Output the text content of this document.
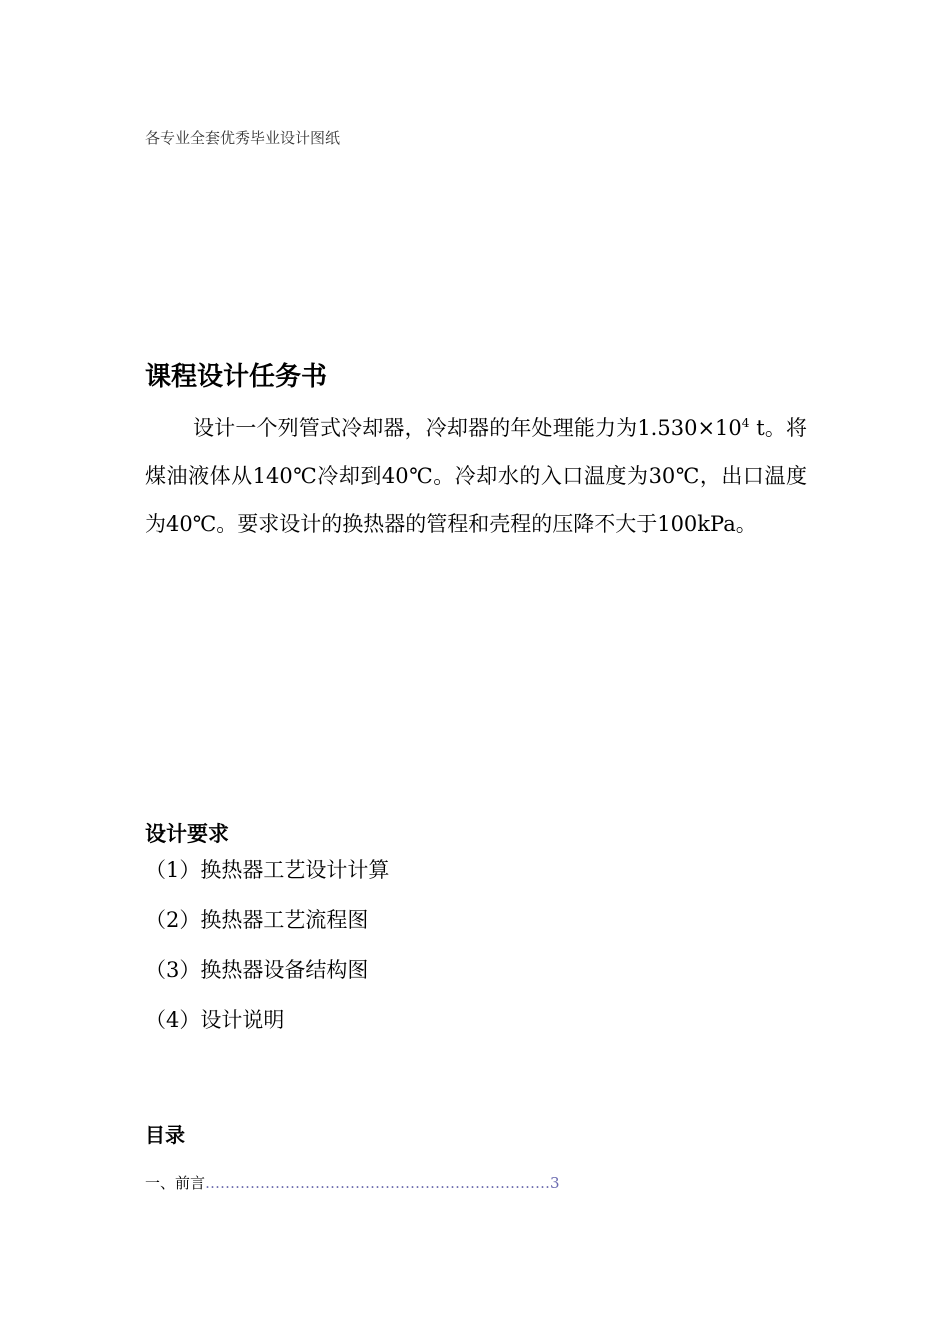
各专业全套优秀毕业设计图纸
课程设计任务书

设计一个列管式冷却器，冷却器的年处理能力为$1.530\times 10^4$ t。将煤油液体从140℃冷却到40℃。冷却水的入口温度为30℃，出口温度为40℃。要求设计的换热器的管程和壳程的压降不大于100kPa。

设计要求
（1）换热器工艺设计计算
（2）换热器工艺流程图
（3）换热器设备结构图
（4）设计说明
目录
一、前言 …………………………………………………………… 3
